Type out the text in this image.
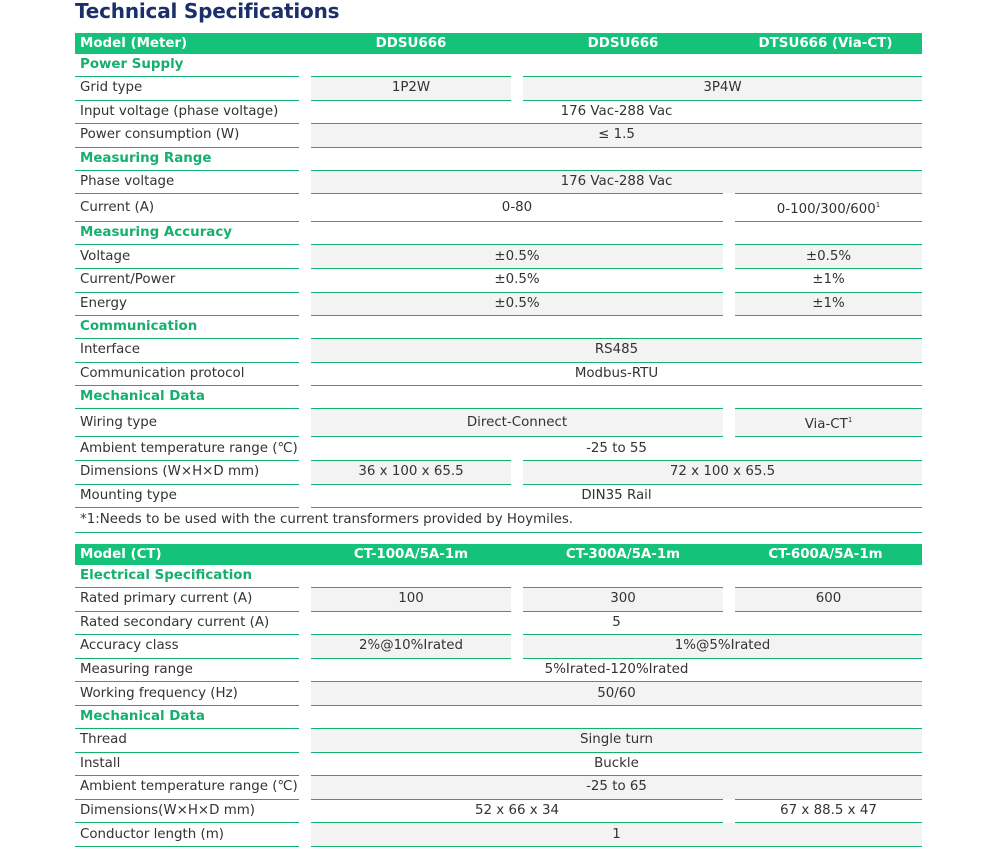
Technical Specifications
Model (Meter)	DDSU666	DDSU666	DTSU666 (Via-CT)
Power Supply			
Grid type	1P2W	3P4W	
Input voltage (phase voltage)	176 Vac-288 Vac		
Power consumption (W)	≤ 1.5		
Measuring Range			
Phase voltage	176 Vac-288 Vac		
Current (A)	0-80		$0-100/300/600^1$
Measuring Accuracy			
Voltage	±0.5%		±0.5%
Current/Power	±0.5%		±1%
Energy	±0.5%		±1%
Communication			
Interface	RS485		
Communication protocol	Modbus-RTU		
Mechanical Data			
Wiring type	Direct-Connect		Via-$CT^1$
Ambient temperature range (℃)	-25 to 55		
Dimensions (W×H×D mm)	36 x 100 x 65.5	72 x 100 x 65.5	
Mounting type	DIN35 Rail		
*1:Needs to be used with the current transformers provided by Hoymiles.			
Model (CT)	CT-100A/5A-1m	CT-300A/5A-1m	CT-600A/5A-1m
Electrical Specification			
Rated primary current (A)	100	300	600
Rated secondary current (A)	5		
Accuracy class	2%@10%Irated	1%@5%Irated	
Measuring range	5%Irated-120%Irated		
Working frequency (Hz)	50/60		
Mechanical Data			
Thread	Single turn		
Install	Buckle		
Ambient temperature range (℃)	-25 to 65		
Dimensions(W×H×D mm)	52 x 66 x 34		67 x 88.5 x 47
Conductor length (m)	1		
